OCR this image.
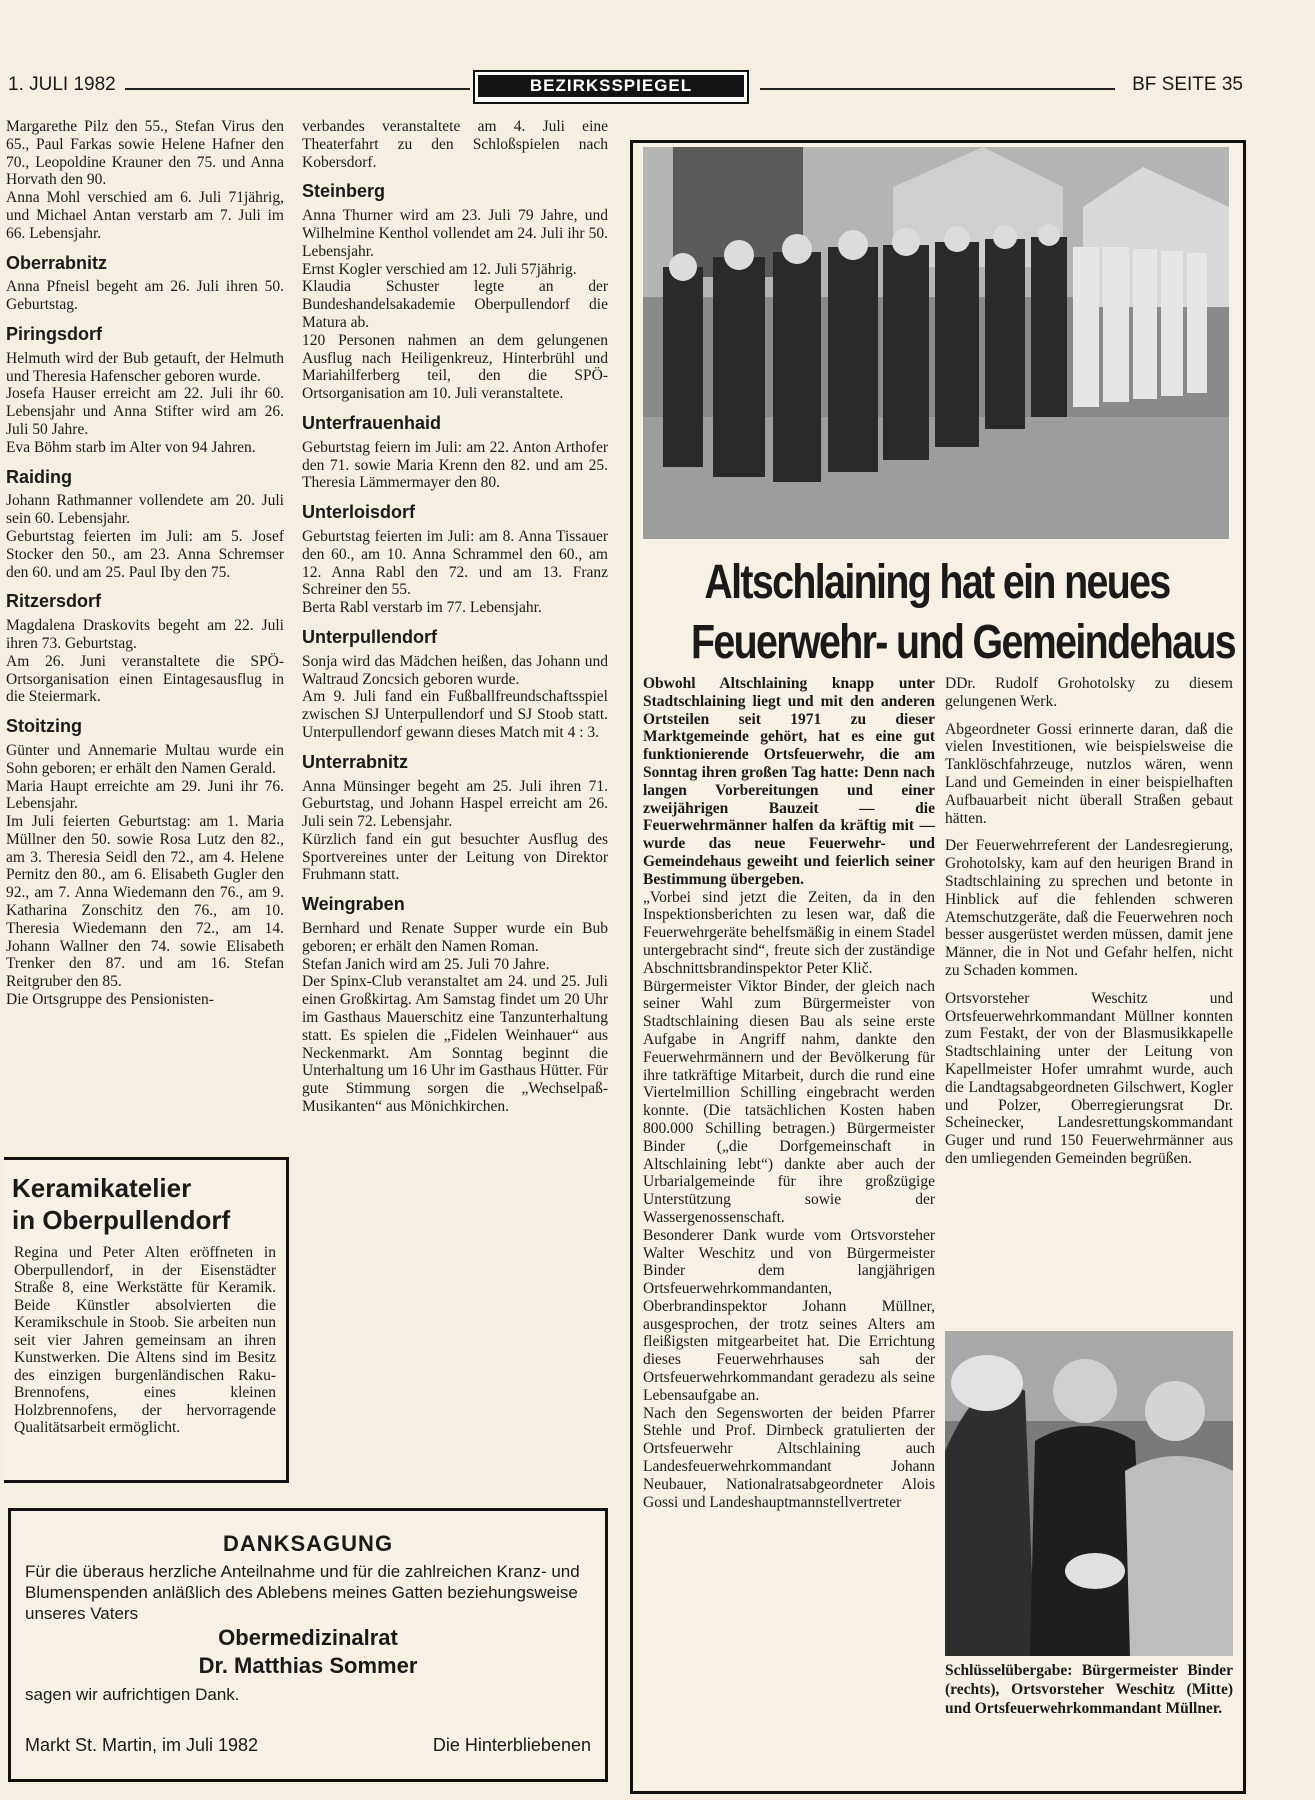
1. JULI 1982	BEZIRKSSPIEGEL	BF SEITE 35

Margarethe Pilz den 55., Stefan Virus den 65., Paul Farkas sowie Helene Hafner den 70., Leopoldine Krauner den 75. und Anna Horvath den 90.

Anna Mohl verschied am 6. Juli 71jährig, und Michael Antan verstarb am 7. Juli im 66. Lebensjahr.

Oberrabnitz

Anna Pfneisl begeht am 26. Juli ihren 50. Geburtstag.

Piringsdorf

Helmuth wird der Bub getauft, der Helmuth und Theresia Hafenscher geboren wurde.

Josefa Hauser erreicht am 22. Juli ihr 60. Lebensjahr und Anna Stifter wird am 26. Juli 50 Jahre.

Eva Böhm starb im Alter von 94 Jahren.

Raiding

Johann Rathmanner vollendete am 20. Juli sein 60. Lebensjahr.

Geburtstag feierten im Juli: am 5. Josef Stocker den 50., am 23. Anna Schremser den 60. und am 25. Paul Iby den 75.

Ritzersdorf

Magdalena Draskovits begeht am 22. Juli ihren 73. Geburtstag.

Am 26. Juni veranstaltete die SPÖ-Ortsorganisation einen Eintagesausflug in die Steiermark.

Stoitzing

Günter und Annemarie Multau wurde ein Sohn geboren; er erhält den Namen Gerald.

Maria Haupt erreichte am 29. Juni ihr 76. Lebensjahr.

Im Juli feierten Geburtstag: am 1. Maria Müllner den 50. sowie Rosa Lutz den 82., am 3. Theresia Seidl den 72., am 4. Helene Pernitz den 80., am 6. Elisabeth Gugler den 92., am 7. Anna Wiedemann den 76., am 9. Katharina Zonschitz den 76., am 10. Theresia Wiedemann den 72., am 14. Johann Wallner den 74. sowie Elisabeth Trenker den 87. und am 16. Stefan Reitgruber den 85.

Die Ortsgruppe des Pensionisten-

verbandes veranstaltete am 4. Juli eine Theaterfahrt zu den Schloßspielen nach Kobersdorf.

Steinberg

Anna Thurner wird am 23. Juli 79 Jahre, und Wilhelmine Kenthol vollendet am 24. Juli ihr 50. Lebensjahr.

Ernst Kogler verschied am 12. Juli 57jährig.

Klaudia Schuster legte an der Bundeshandelsakademie Oberpullendorf die Matura ab.

120 Personen nahmen an dem gelungenen Ausflug nach Heiligenkreuz, Hinterbrühl und Mariahilferberg teil, den die SPÖ-Ortsorganisation am 10. Juli veranstaltete.

Unterfrauenhaid

Geburtstag feiern im Juli: am 22. Anton Arthofer den 71. sowie Maria Krenn den 82. und am 25. Theresia Lämmermayer den 80.

Unterloisdorf

Geburtstag feierten im Juli: am 8. Anna Tissauer den 60., am 10. Anna Schrammel den 60., am 12. Anna Rabl den 72. und am 13. Franz Schreiner den 55.

Berta Rabl verstarb im 77. Lebensjahr.

Unterpullendorf

Sonja wird das Mädchen heißen, das Johann und Waltraud Zoncsich geboren wurde.

Am 9. Juli fand ein Fußballfreundschaftsspiel zwischen SJ Unterpullendorf und SJ Stoob statt. Unterpullendorf gewann dieses Match mit 4 : 3.

Unterrabnitz

Anna Münsinger begeht am 25. Juli ihren 71. Geburtstag, und Johann Haspel erreicht am 26. Juli sein 72. Lebensjahr.

Kürzlich fand ein gut besuchter Ausflug des Sportvereines unter der Leitung von Direktor Fruhmann statt.

Weingraben

Bernhard und Renate Supper wurde ein Bub geboren; er erhält den Namen Roman.

Stefan Janich wird am 25. Juli 70 Jahre.

Der Spinx-Club veranstaltet am 24. und 25. Juli einen Großkirtag. Am Samstag findet um 20 Uhr im Gasthaus Mauerschitz eine Tanzunterhaltung statt. Es spielen die „Fidelen Weinhauer“ aus Neckenmarkt. Am Sonntag beginnt die Unterhaltung um 16 Uhr im Gasthaus Hütter. Für gute Stimmung sorgen die „Wechselpaß-Musikanten“ aus Mönichkirchen.

Keramikatelier
in Oberpullendorf
Regina und Peter Alten eröffneten in Oberpullendorf, in der Eisenstädter Straße 8, eine Werkstätte für Keramik. Beide Künstler absolvierten die Keramikschule in Stoob. Sie arbeiten nun seit vier Jahren gemeinsam an ihren Kunstwerken. Die Altens sind im Besitz des einzigen burgenländischen Raku-Brennofens, eines kleinen Holzbrennofens, der hervorragende Qualitätsarbeit ermöglicht.
DANKSAGUNG
Für die überaus herzliche Anteilnahme und für die zahlreichen Kranz- und Blumenspenden anläßlich des Ablebens meines Gatten beziehungsweise unseres Vaters
Obermedizinalrat
Dr. Matthias Sommer
sagen wir aufrichtigen Dank.
Markt St. Martin, im Juli 1982	Die Hinterbliebenen
Altschlaining hat ein neues
Feuerwehr- und Gemeindehaus

Obwohl Altschlaining knapp unter Stadtschlaining liegt und mit den anderen Ortsteilen seit 1971 zu dieser Marktgemeinde gehört, hat es eine gut funktionierende Ortsfeuerwehr, die am Sonntag ihren großen Tag hatte: Denn nach langen Vorbereitungen und einer zweijährigen Bauzeit — die Feuerwehrmänner halfen da kräftig mit — wurde das neue Feuerwehr- und Gemeindehaus geweiht und feierlich seiner Bestimmung übergeben.

„Vorbei sind jetzt die Zeiten, da in den Inspektionsberichten zu lesen war, daß die Feuerwehrgeräte behelfsmäßig in einem Stadel untergebracht sind“, freute sich der zuständige Abschnittsbrandinspektor Peter Klič.

Bürgermeister Viktor Binder, der gleich nach seiner Wahl zum Bürgermeister von Stadtschlaining diesen Bau als seine erste Aufgabe in Angriff nahm, dankte den Feuerwehrmännern und der Bevölkerung für ihre tatkräftige Mitarbeit, durch die rund eine Viertelmillion Schilling eingebracht werden konnte. (Die tatsächlichen Kosten haben 800.000 Schilling betragen.) Bürgermeister Binder („die Dorfgemeinschaft in Altschlaining lebt“) dankte aber auch der Urbarialgemeinde für ihre großzügige Unterstützung sowie der Wassergenossenschaft.

Besonderer Dank wurde vom Ortsvorsteher Walter Weschitz und von Bürgermeister Binder dem langjährigen Ortsfeuerwehrkommandanten, Oberbrandinspektor Johann Müllner, ausgesprochen, der trotz seines Alters am fleißigsten mitgearbeitet hat. Die Errichtung dieses Feuerwehrhauses sah der Ortsfeuerwehrkommandant geradezu als seine Lebensaufgabe an.

Nach den Segensworten der beiden Pfarrer Stehle und Prof. Dirnbeck gratulierten der Ortsfeuerwehr Altschlaining auch Landesfeuerwehrkommandant Johann Neubauer, Nationalratsabgeordneter Alois Gossi und Landeshauptmannstellvertreter

DDr. Rudolf Grohotolsky zu diesem gelungenen Werk.

Abgeordneter Gossi erinnerte daran, daß die vielen Investitionen, wie beispielsweise die Tanklöschfahrzeuge, nutzlos wären, wenn Land und Gemeinden in einer beispielhaften Aufbauarbeit nicht überall Straßen gebaut hätten.

Der Feuerwehrreferent der Landesregierung, Grohotolsky, kam auf den heurigen Brand in Stadtschlaining zu sprechen und betonte in Hinblick auf die fehlenden schweren Atemschutzgeräte, daß die Feuerwehren noch besser ausgerüstet werden müssen, damit jene Männer, die in Not und Gefahr helfen, nicht zu Schaden kommen.

Ortsvorsteher Weschitz und Ortsfeuerwehrkommandant Müllner konnten zum Festakt, der von der Blasmusikkapelle Stadtschlaining unter der Leitung von Kapellmeister Hofer umrahmt wurde, auch die Landtagsabgeordneten Gilschwert, Kogler und Polzer, Oberregierungsrat Dr. Scheinecker, Landesrettungskommandant Guger und rund 150 Feuerwehrmänner aus den umliegenden Gemeinden begrüßen.

Schlüsselübergabe: Bürgermeister Binder (rechts), Ortsvorsteher Weschitz (Mitte) und Ortsfeuerwehrkommandant Müllner.
